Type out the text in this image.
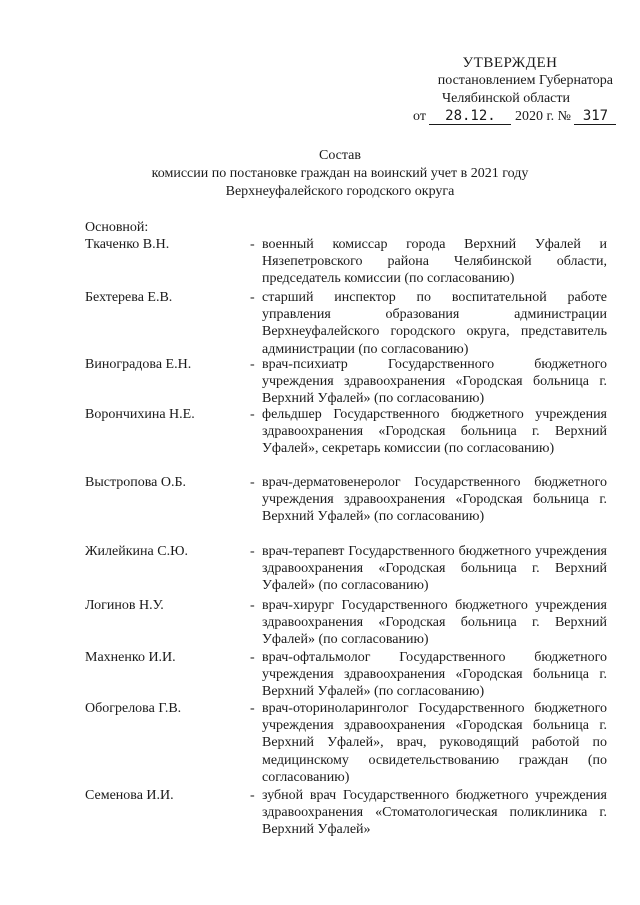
УТВЕРЖДЕН
постановлением Губернатора
Челябинской области
от 28.12. 2020 г. № 317
Состав
комиссии по постановке граждан на воинский учет в 2021 году
Верхнеуфалейского городского округа
Основной:
Ткаченко В.Н.	- военный комиссар города Верхний Уфалей и Нязепетровского района Челябинской области, председатель комиссии (по согласованию)
Бехтерева Е.В.	- старший инспектор по воспитательной работе управления образования администрации Верхнеуфалейского городского округа, представитель администрации (по согласованию)
Виноградова Е.Н.	- врач-психиатр Государственного бюджетного учреждения здравоохранения «Городская больница г. Верхний Уфалей» (по согласованию)
Ворончихина Н.Е.	- фельдшер Государственного бюджетного учреждения здравоохранения «Городская больница г. Верхний Уфалей», секретарь комиссии (по согласованию)
Выстропова О.Б.	- врач-дерматовенеролог Государственного бюджетного учреждения здравоохранения «Городская больница г. Верхний Уфалей» (по согласованию)
Жилейкина С.Ю.	- врач-терапевт Государственного бюджетного учреждения здравоохранения «Городская больница г. Верхний Уфалей» (по согласованию)
Логинов Н.У.	- врач-хирург Государственного бюджетного учреждения здравоохранения «Городская больница г. Верхний Уфалей» (по согласованию)
Махненко И.И.	- врач-офтальмолог Государственного бюджетного учреждения здравоохранения «Городская больница г. Верхний Уфалей» (по согласованию)
Обогрелова Г.В.	- врач-оториноларинголог Государственного бюджетного учреждения здравоохранения «Городская больница г. Верхний Уфалей», врач, руководящий работой по медицинскому освидетельствованию граждан (по согласованию)
Семенова И.И.	- зубной врач Государственного бюджетного учреждения здравоохранения «Стоматологическая поликлиника г. Верхний Уфалей»
